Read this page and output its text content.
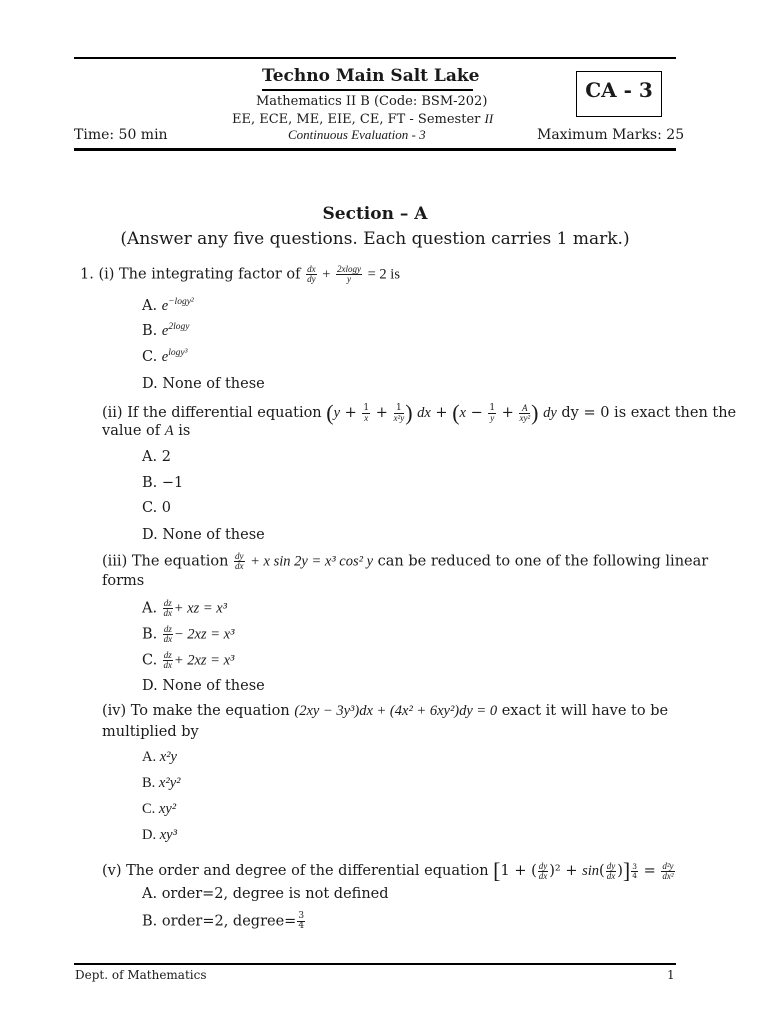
Techno Main Salt Lake
Mathematics II B (Code: BSM-202)
EE, ECE, ME, EIE, CE, FT - Semester II
Continuous Evaluation - 3
Time: 50 min	Maximum Marks: 25
CA - 3
Section – A
(Answer any five questions. Each question carries 1 mark.)
1. (i) The integrating factor of $\frac{dx}{dy} + \frac{2xlogy}{y} = 2$ is
A. $e^{-logy^2}$
B. $e^{2logy}$
C. $e^{logy^3}$
D. None of these
(ii) If the differential equation ($y + \frac{1}{x} + \frac{1}{\text{x²y}}$ ) dx + ($x - \frac{1}{y} + \frac{A}{\text{xy²}}$ ) dy dy = 0 is exact then the
value of A is
A. 2
B. −1
C. 0
D. None of these
(iii) The equation $\frac{dy}{dx} + x$ sin 2y = x³ cos² y can be reduced to one of the following linear
forms
A. $\frac{dz}{dx}$ + xz = x³
B. $\frac{dz}{dx} - 2xz = x^3$
C. $\frac{dz}{dx} + 2xz = x^3$
D. None of these
(iv) To make the equation (2xy − 3y³)dx + (4x² + 6xy²)dy = 0 exact it will have to be
multiplied by
A. x²y
B. x²y²
C. xy²
D. xy³
(v) The order and degree of the differential equation [1 + ( $\frac{dy}{dx} )^2 + \sin( \frac{dy}{dx}$ )] $\frac{3}{4} = \frac{\text{d²y}}{\text{dx²}}$
A. order=2, degree is not defined
B. order=2, degree= $\frac{3}{4}$
Dept. of Mathematics	1
